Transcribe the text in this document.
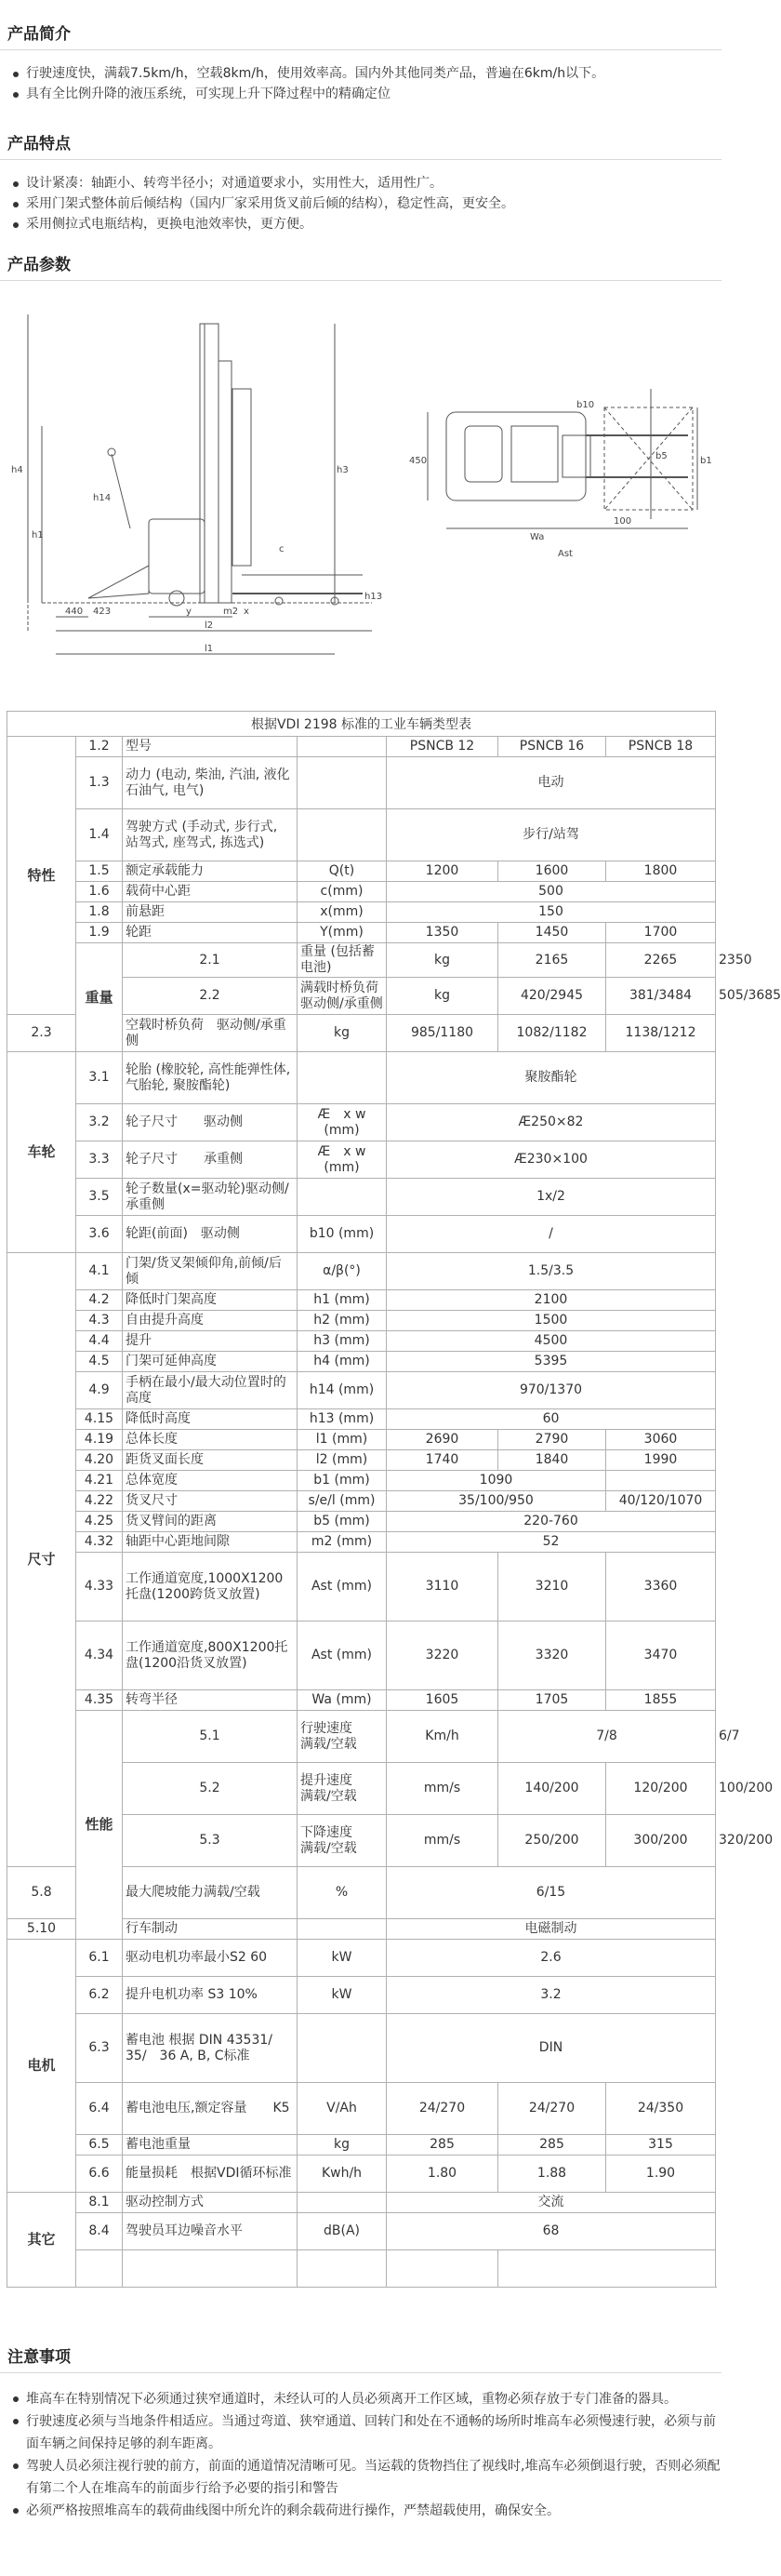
产品简介
行驶速度快，满载7.5km/h，空载8km/h，使用效率高。国内外其他同类产品，普遍在6km/h以下。
具有全比例升降的液压系统，可实现上升下降过程中的精确定位
产品特点
设计紧凑：轴距小、转弯半径小；对通道要求小，实用性大，适用性广。
采用门架式整体前后倾结构（国内厂家采用货叉前后倾的结构），稳定性高，更安全。
采用侧拉式电瓶结构，更换电池效率快，更方便。
产品参数
h4
h1
h3
h13
h14
c
x
m2
y
l2
l1
440 423
450
100
Wa
b10
b5	b1
Ast
根据VDI 2198 标准的工业车辆类型表
特性	1.2	型号		PSNCB 12	PSNCB 16	PSNCB 18	
	1.3	动力 (电动, 柴油, 汽油, 液化石油气, 电气)		电动			
	1.4	驾驶方式 (手动式, 步行式, 站驾式, 座驾式, 拣选式)		步行/站驾			
	1.5	额定承载能力	Q(t)	1200	1600	1800	
	1.6	载荷中心距	c(mm)	500			
	1.8	前悬距	x(mm)	150			
	1.9	轮距	Y(mm)	1350	1450	1700	
	重量	2.1	重量 (包括蓄电池)	kg	2165	2265	2350
		2.2	满载时桥负荷　驱动侧/承重侧	kg	420/2945	381/3484	505/3685
2.3		空载时桥负荷　驱动侧/承重侧	kg	985/1180	1082/1182	1138/1212	
车轮	3.1	轮胎 (橡胶轮, 高性能弹性体, 气胎轮, 聚胺酯轮)		聚胺酯轮			
	3.2	轮子尺寸　　驱动侧	Æ　x w (mm)	Æ250×82			
	3.3	轮子尺寸　　承重侧	Æ　x w (mm)	Æ230×100			
	3.5	轮子数量(x=驱动轮)驱动侧/承重侧		1x/2			
	3.6	轮距(前面)　驱动侧	b10 (mm)	/			
尺寸	4.1	门架/货叉架倾仰角,前倾/后倾	α/β(°)	1.5/3.5			
	4.2	降低时门架高度	h1 (mm)	2100			
	4.3	自由提升高度	h2 (mm)	1500			
	4.4	提升	h3 (mm)	4500			
	4.5	门架可延伸高度	h4 (mm)	5395			
	4.9	手柄在最小/最大动位置时的高度	h14 (mm)	970/1370			
	4.15	降低时高度	h13 (mm)	60			
	4.19	总体长度	l1 (mm)	2690	2790	3060	
	4.20	距货叉面长度	l2 (mm)	1740	1840	1990	
	4.21	总体宽度	b1 (mm)	1090			
	4.22	货叉尺寸	s/e/l (mm)	35/100/950		40/120/1070	
	4.25	货叉臂间的距离	b5 (mm)	220-760			
	4.32	轴距中心距地间隙	m2 (mm)	52			
	4.33	工作通道宽度,1000X1200托盘(1200跨货叉放置)	Ast (mm)	3110	3210	3360	
	4.34	工作通道宽度,800X1200托盘(1200沿货叉放置)	Ast (mm)	3220	3320	3470	
	4.35	转弯半径	Wa (mm)	1605	1705	1855	
	性能	5.1	行驶速度　　满载/空载	Km/h	7/8		6/7
		5.2	提升速度　　满载/空载	mm/s	140/200	120/200	100/200
		5.3	下降速度　　满载/空载	mm/s	250/200	300/200	320/200
5.8		最大爬坡能力满载/空载	%	6/15			
5.10		行车制动		电磁制动			
电机	6.1	驱动电机功率最小S2 60	kW	2.6			
	6.2	提升电机功率 S3 10%	kW	3.2			
	6.3	蓄电池 根据 DIN 43531/ 35/　36 A, B, C标准		DIN			
	6.4	蓄电池电压,额定容量　　K5	V/Ah	24/270	24/270	24/350	
	6.5	蓄电池重量	kg	285	285	315	
	6.6	能量损耗　根据VDI循环标准	Kwh/h	1.80	1.88	1.90	
其它	8.1	驱动控制方式		交流			
	8.4	驾驶员耳边噪音水平	dB(A)	68			

注意事项
堆高车在特别情况下必须通过狭窄通道时，未经认可的人员必须离开工作区域，重物必须存放于专门准备的器具。
行驶速度必须与当地条件相适应。当通过弯道、狭窄通道、回转门和处在不通畅的场所时堆高车必须慢速行驶，必须与前面车辆之间保持足够的刹车距离。
驾驶人员必须注视行驶的前方，前面的通道情况清晰可见。当运载的货物挡住了视线时,堆高车必须倒退行驶，否则必须配有第二个人在堆高车的前面步行给予必要的指引和警告
必须严格按照堆高车的载荷曲线图中所允许的剩余载荷进行操作，严禁超载使用，确保安全。
